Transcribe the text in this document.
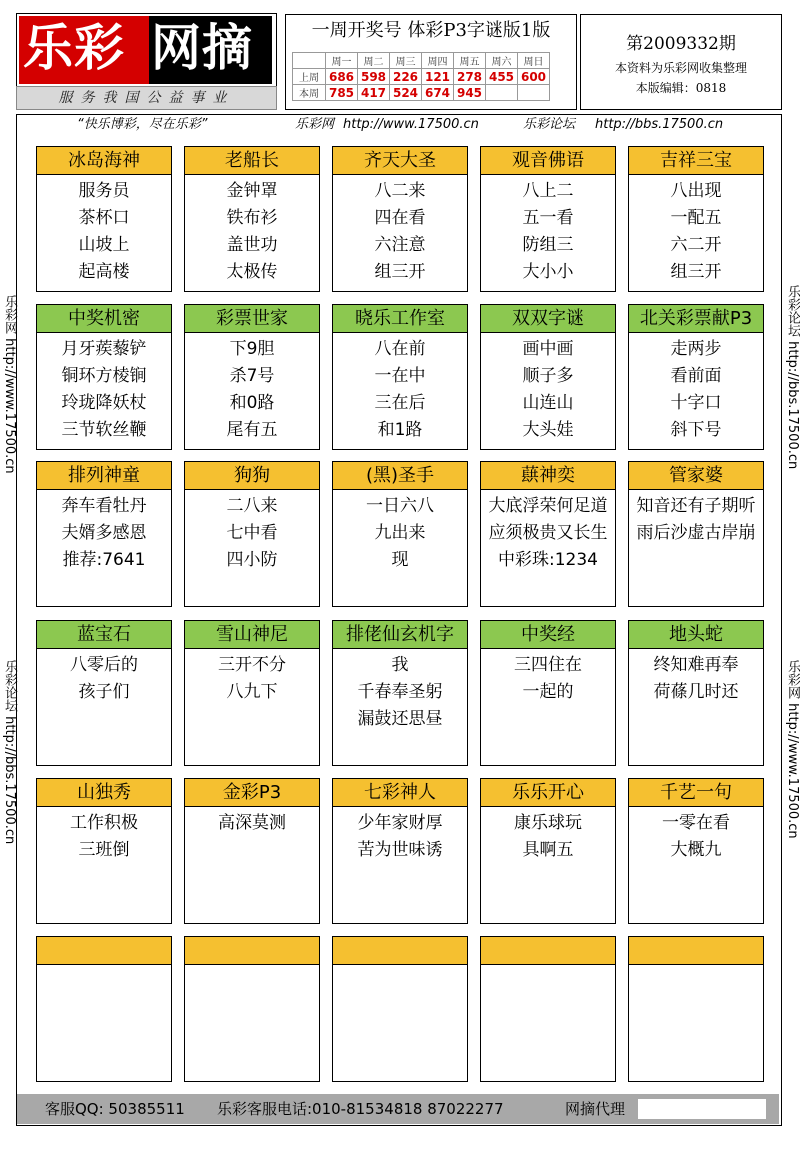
乐彩 网摘
服务我国公益事业
一周开奖号 体彩P3字谜版1版
	周一	周二	周三	周四	周五	周六	周日
上周	686	598	226	121	278	455	600
本周	785	417	524	674	945		
第2009332期
本资料为乐彩网收集整理
本版编辑：0818
“快乐博彩，尽在乐彩”	乐彩网 http://www.17500.cn	乐彩论坛 http://bbs.17500.cn
乐彩网 http://www.17500.cn
乐彩论坛 http://bbs.17500.cn
乐彩论坛 http://bbs.17500.cn
乐彩网 http://www.17500.cn
冰岛海神
服务员
茶杯口
山坡上
起高楼
老船长
金钟罩
铁布衫
盖世功
太极传
齐天大圣
八二来
四在看
六注意
组三开
观音佛语
八上二
五一看
防组三
大小小
吉祥三宝
八出现
一配五
六二开
组三开
中奖机密
月牙蒺藜铲
铜环方棱锏
玲珑降妖杖
三节软丝鞭
彩票世家
下9胆
杀7号
和0路
尾有五
晓乐工作室
八在前
一在中
三在后
和1路
双双字谜
画中画
顺子多
山连山
大头娃
北关彩票献P3
走两步
看前面
十字口
斜下号
排列神童
奔车看牡丹
夫婿多感恩
推荐:7641
狗狗
二八来
七中看
四小防
(黑)圣手
一日六八
九出来
现
蕻神奕
大底浮荣何足道
应须极贵又长生
中彩珠:1234
管家婆
知音还有子期听
雨后沙虚古岸崩
蓝宝石
八零后的
孩子们
雪山神尼
三开不分
八九下
排佬仙玄机字
我
千春奉圣躬
漏鼓还思昼
中奖经
三四住在
一起的
地头蛇
终知难再奉
荷蓧几时还
山独秀
工作积极
三班倒
金彩P3
高深莫测
七彩神人
少年家财厚
苦为世味诱
乐乐开心
康乐球玩
具啊五
千艺一句
一零在看
大概九
客服QQ: 50385511 乐彩客服电话:010-81534818 87022277	网摘代理
